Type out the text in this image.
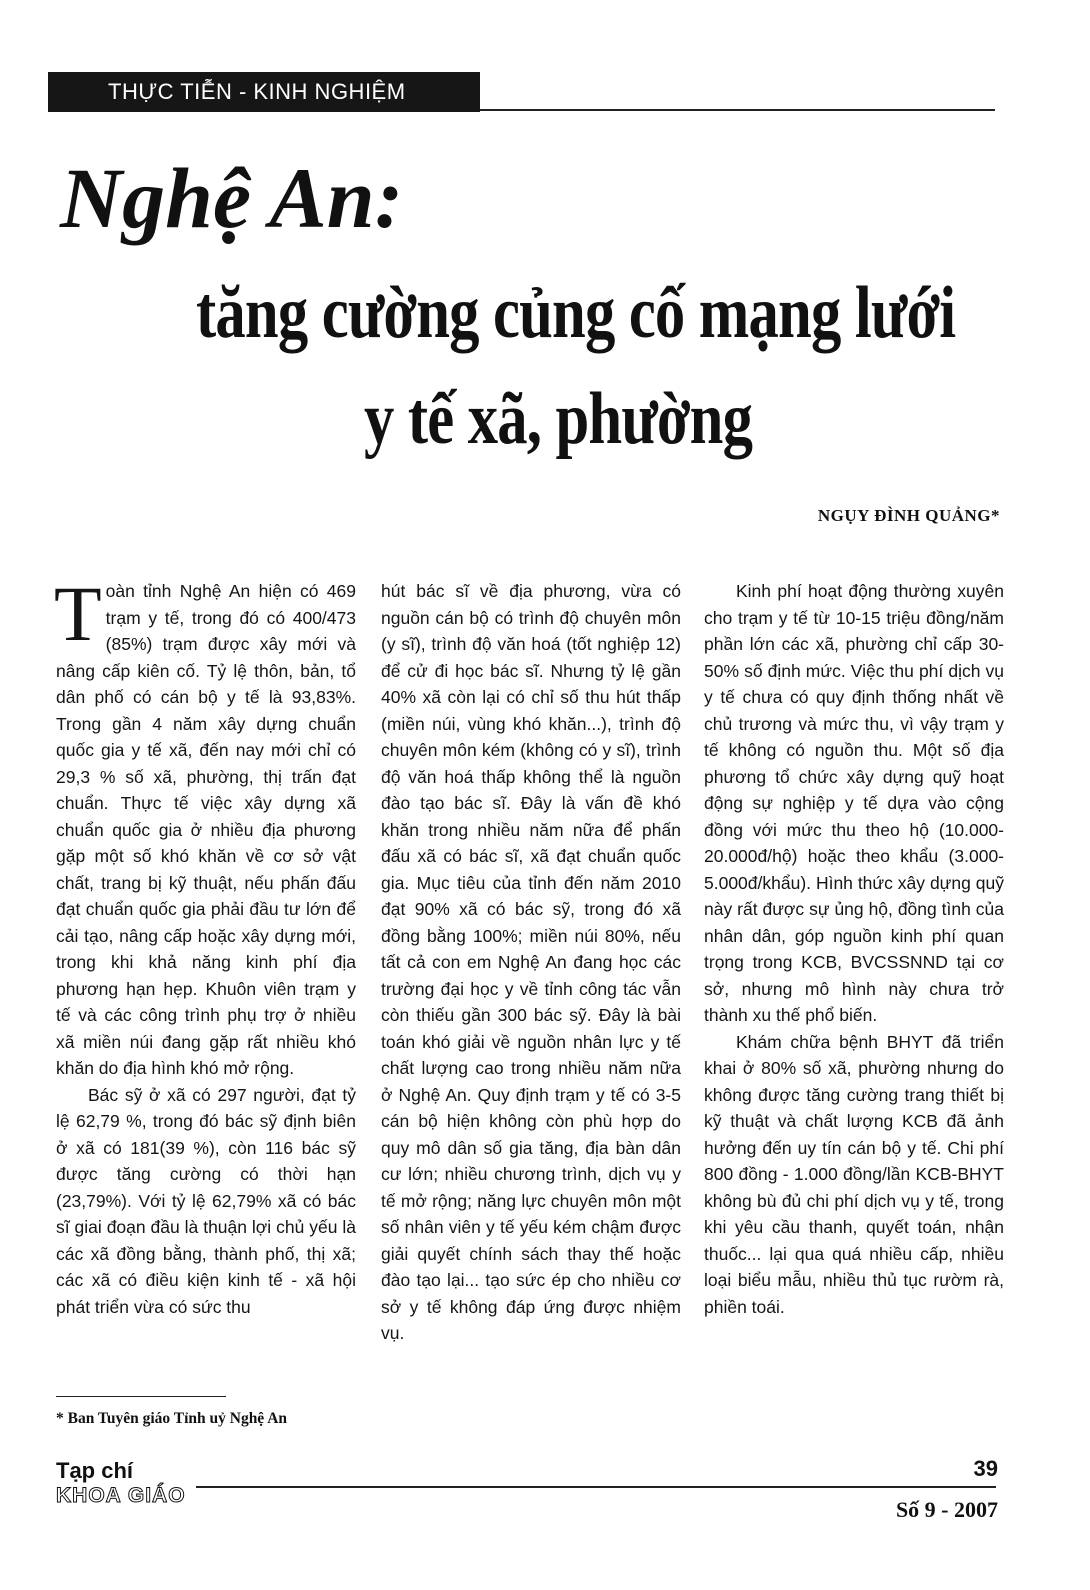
THỰC TIỄN - KINH NGHIỆM
Nghệ An:
tăng cường củng cố mạng lưới
y tế xã, phường
NGỤY ĐÌNH QUẢNG*

Toàn tỉnh Nghệ An hiện có 469 trạm y tế, trong đó có 400/473 (85%) trạm được xây mới và nâng cấp kiên cố. Tỷ lệ thôn, bản, tổ dân phố có cán bộ y tế là 93,83%. Trong gần 4 năm xây dựng chuẩn quốc gia y tế xã, đến nay mới chỉ có 29,3 % số xã, phường, thị trấn đạt chuẩn. Thực tế việc xây dựng xã chuẩn quốc gia ở nhiều địa phương gặp một số khó khăn về cơ sở vật chất, trang bị kỹ thuật, nếu phấn đấu đạt chuẩn quốc gia phải đầu tư lớn để cải tạo, nâng cấp hoặc xây dựng mới, trong khi khả năng kinh phí địa phương hạn hẹp. Khuôn viên trạm y tế và các công trình phụ trợ ở nhiều xã miền núi đang gặp rất nhiều khó khăn do địa hình khó mở rộng.

Bác sỹ ở xã có 297 người, đạt tỷ lệ 62,79 %, trong đó bác sỹ định biên ở xã có 181(39 %), còn 116 bác sỹ được tăng cường có thời hạn (23,79%). Với tỷ lệ 62,79% xã có bác sĩ giai đoạn đầu là thuận lợi chủ yếu là các xã đồng bằng, thành phố, thị xã; các xã có điều kiện kinh tế - xã hội phát triển vừa có sức thu

hút bác sĩ về địa phương, vừa có nguồn cán bộ có trình độ chuyên môn (y sĩ), trình độ văn hoá (tốt nghiệp 12) để cử đi học bác sĩ. Nhưng tỷ lệ gần 40% xã còn lại có chỉ số thu hút thấp (miền núi, vùng khó khăn...), trình độ chuyên môn kém (không có y sĩ), trình độ văn hoá thấp không thể là nguồn đào tạo bác sĩ. Đây là vấn đề khó khăn trong nhiều năm nữa để phấn đấu xã có bác sĩ, xã đạt chuẩn quốc gia. Mục tiêu của tỉnh đến năm 2010 đạt 90% xã có bác sỹ, trong đó xã đồng bằng 100%; miền núi 80%, nếu tất cả con em Nghệ An đang học các trường đại học y về tỉnh công tác vẫn còn thiếu gần 300 bác sỹ. Đây là bài toán khó giải về nguồn nhân lực y tế chất lượng cao trong nhiều năm nữa ở Nghệ An. Quy định trạm y tế có 3-5 cán bộ hiện không còn phù hợp do quy mô dân số gia tăng, địa bàn dân cư lớn; nhiều chương trình, dịch vụ y tế mở rộng; năng lực chuyên môn một số nhân viên y tế yếu kém chậm được giải quyết chính sách thay thế hoặc đào tạo lại... tạo sức ép cho nhiều cơ sở y tế không đáp ứng được nhiệm vụ.

Kinh phí hoạt động thường xuyên cho trạm y tế từ 10-15 triệu đồng/năm phần lớn các xã, phường chỉ cấp 30-50% số định mức. Việc thu phí dịch vụ y tế chưa có quy định thống nhất về chủ trương và mức thu, vì vậy trạm y tế không có nguồn thu. Một số địa phương tổ chức xây dựng quỹ hoạt động sự nghiệp y tế dựa vào cộng đồng với mức thu theo hộ (10.000-20.000đ/hộ) hoặc theo khẩu (3.000-5.000đ/khẩu). Hình thức xây dựng quỹ này rất được sự ủng hộ, đồng tình của nhân dân, góp nguồn kinh phí quan trọng trong KCB, BVCSSNND tại cơ sở, nhưng mô hình này chưa trở thành xu thế phổ biến.

Khám chữa bệnh BHYT đã triển khai ở 80% số xã, phường nhưng do không được tăng cường trang thiết bị kỹ thuật và chất lượng KCB đã ảnh hưởng đến uy tín cán bộ y tế. Chi phí 800 đồng - 1.000 đồng/lần KCB-BHYT không bù đủ chi phí dịch vụ y tế, trong khi yêu cầu thanh, quyết toán, nhận thuốc... lại qua quá nhiều cấp, nhiều loại biểu mẫu, nhiều thủ tục rườm rà, phiền toái.

* Ban Tuyên giáo Tỉnh uỷ Nghệ An
Tạp chí
KHOA GIÁO
39
Số 9 - 2007
